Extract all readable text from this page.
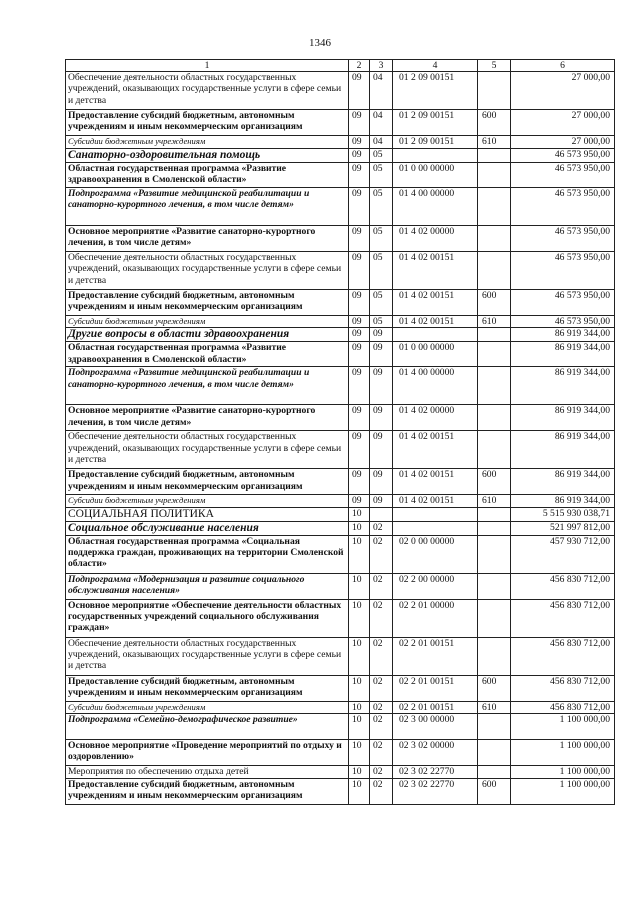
1346
1	2	3	4	5	6
Обеспечение деятельности областных государственных учреждений, оказывающих государственные услуги в сфере семьи и детства	09	04	01 2 09 00151		27 000,00
Предоставление субсидий бюджетным, автономным учреждениям и иным некоммерческим организациям	09	04	01 2 09 00151	600	27 000,00
Субсидии бюджетным учреждениям	09	04	01 2 09 00151	610	27 000,00
Санаторно-оздоровительная помощь	09	05			46 573 950,00
Областная государственная программа «Развитие здравоохранения в Смоленской области»	09	05	01 0 00 00000		46 573 950,00
Подпрограмма «Развитие медицинской реабилитации и санаторно-курортного лечения, в том числе детям»	09	05	01 4 00 00000		46 573 950,00
Основное мероприятие «Развитие санаторно-курортного лечения, в том числе детям»	09	05	01 4 02 00000		46 573 950,00
Обеспечение деятельности областных государственных учреждений, оказывающих государственные услуги в сфере семьи и детства	09	05	01 4 02 00151		46 573 950,00
Предоставление субсидий бюджетным, автономным учреждениям и иным некоммерческим организациям	09	05	01 4 02 00151	600	46 573 950,00
Субсидии бюджетным учреждениям	09	05	01 4 02 00151	610	46 573 950,00
Другие вопросы в области здравоохранения	09	09			86 919 344,00
Областная государственная программа «Развитие здравоохранения в Смоленской области»	09	09	01 0 00 00000		86 919 344,00
Подпрограмма «Развитие медицинской реабилитации и санаторно-курортного лечения, в том числе детям»	09	09	01 4 00 00000		86 919 344,00
Основное мероприятие «Развитие санаторно-курортного лечения, в том числе детям»	09	09	01 4 02 00000		86 919 344,00
Обеспечение деятельности областных государственных учреждений, оказывающих государственные услуги в сфере семьи и детства	09	09	01 4 02 00151		86 919 344,00
Предоставление субсидий бюджетным, автономным учреждениям и иным некоммерческим организациям	09	09	01 4 02 00151	600	86 919 344,00
Субсидии бюджетным учреждениям	09	09	01 4 02 00151	610	86 919 344,00
СОЦИАЛЬНАЯ ПОЛИТИКА	10				5 515 930 038,71
Социальное обслуживание населения	10	02			521 997 812,00
Областная государственная программа «Социальная поддержка граждан, проживающих на территории Смоленской области»	10	02	02 0 00 00000		457 930 712,00
Подпрограмма «Модернизация и развитие социального обслуживания населения»	10	02	02 2 00 00000		456 830 712,00
Основное мероприятие «Обеспечение деятельности областных государственных учреждений социального обслуживания граждан»	10	02	02 2 01 00000		456 830 712,00
Обеспечение деятельности областных государственных учреждений, оказывающих государственные услуги в сфере семьи и детства	10	02	02 2 01 00151		456 830 712,00
Предоставление субсидий бюджетным, автономным учреждениям и иным некоммерческим организациям	10	02	02 2 01 00151	600	456 830 712,00
Субсидии бюджетным учреждениям	10	02	02 2 01 00151	610	456 830 712,00
Подпрограмма «Семейно-демографическое развитие»	10	02	02 3 00 00000		1 100 000,00
Основное мероприятие «Проведение мероприятий по отдыху и оздоровлению»	10	02	02 3 02 00000		1 100 000,00
Мероприятия по обеспечению отдыха детей	10	02	02 3 02 22770		1 100 000,00
Предоставление субсидий бюджетным, автономным учреждениям и иным некоммерческим организациям	10	02	02 3 02 22770	600	1 100 000,00
